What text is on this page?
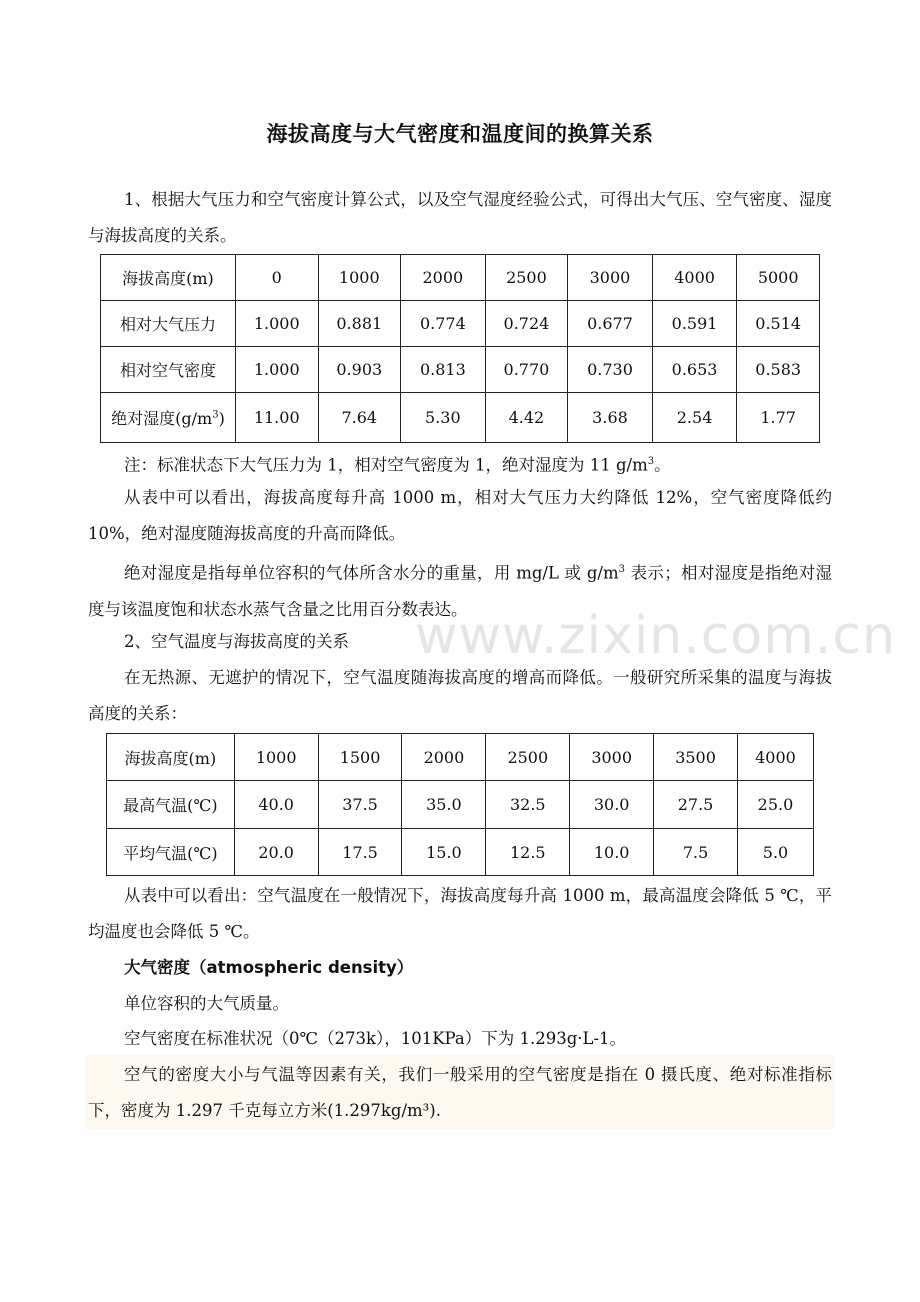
海拔高度与大气密度和温度间的换算关系
1、根据大气压力和空气密度计算公式，以及空气湿度经验公式，可得出大气压、空气密度、湿度与海拔高度的关系。
海拔高度(m)	0	1000	2000	2500	3000	4000	5000
相对大气压力	1.000	0.881	0.774	0.724	0.677	0.591	0.514
相对空气密度	1.000	0.903	0.813	0.770	0.730	0.653	0.583
绝对湿度$(g/m^3)$	11.00	7.64	5.30	4.42	3.68	2.54	1.77
注：标准状态下大气压力为 1，相对空气密度为 1，绝对湿度为 11 $g/m^3$。
从表中可以看出，海拔高度每升高 1000 m，相对大气压力大约降低 12%，空气密度降低约 10%，绝对湿度随海拔高度的升高而降低。
绝对湿度是指每单位容积的气体所含水分的重量，用 mg/L 或 $g/m^3$ 表示；相对湿度是指绝对湿度与该温度饱和状态水蒸气含量之比用百分数表达。
2、空气温度与海拔高度的关系
在无热源、无遮护的情况下，空气温度随海拔高度的增高而降低。一般研究所采集的温度与海拔高度的关系：
海拔高度(m)	1000	1500	2000	2500	3000	3500	4000
最高气温(℃)	40.0	37.5	35.0	32.5	30.0	27.5	25.0
平均气温(℃)	20.0	17.5	15.0	12.5	10.0	7.5	5.0
从表中可以看出：空气温度在一般情况下，海拔高度每升高 1000 m，最高温度会降低 5 ℃，平均温度也会降低 5 ℃。
大气密度（atmospheric density）
单位容积的大气质量。
空气密度在标准状况（0℃（273k），101KPa）下为 1.293g·L-1。
空气的密度大小与气温等因素有关，我们一般采用的空气密度是指在 0 摄氏度、绝对标准指标下，密度为 1.297 千克每立方米(1.297kg/m³).
www.zixin.com.cn
